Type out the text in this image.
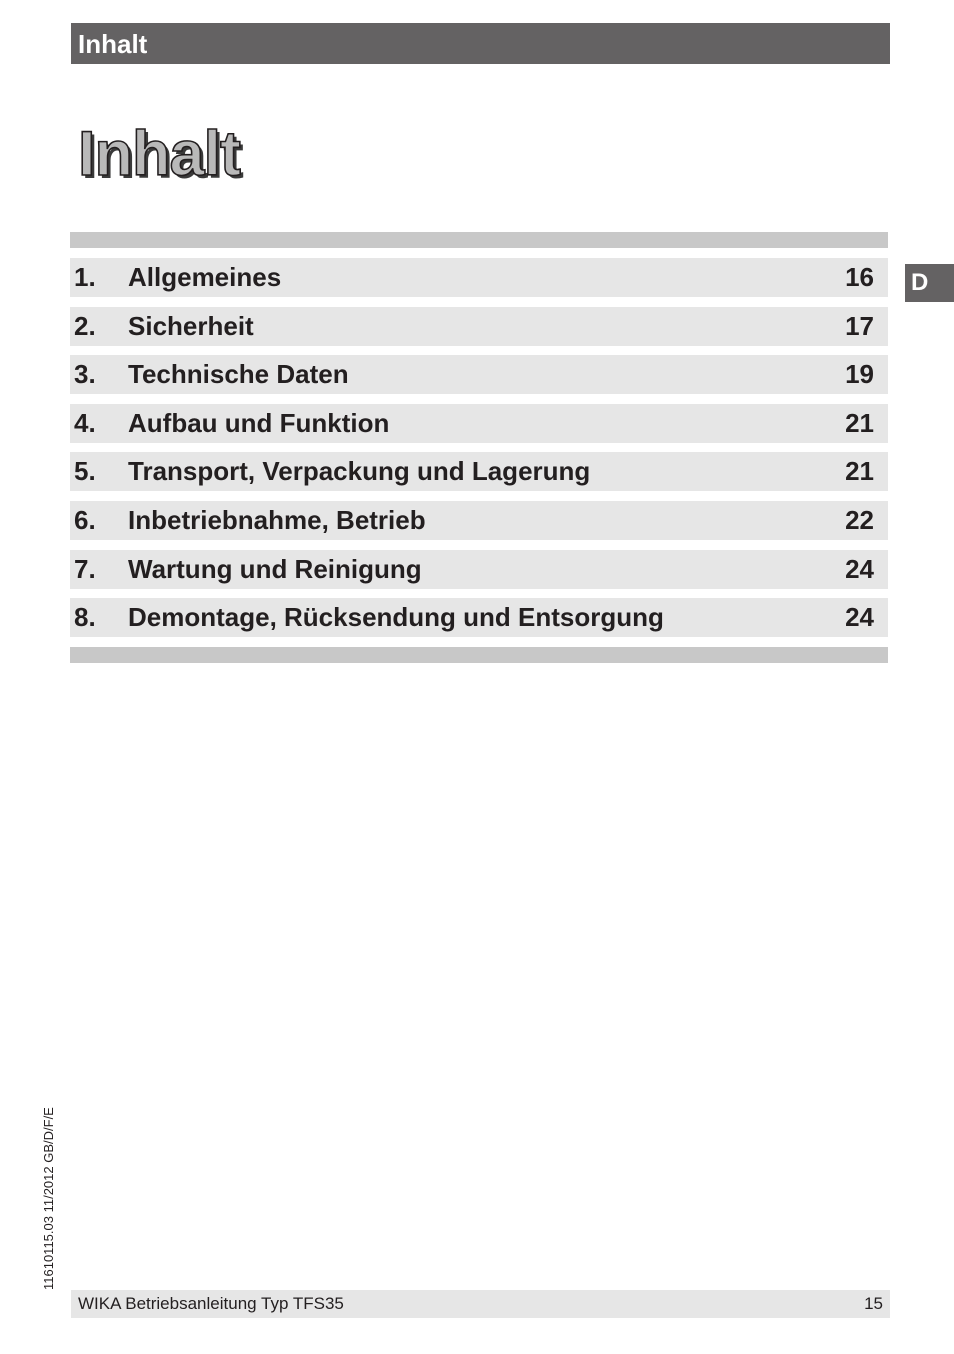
Inhalt
Inhalt
D
1. Allgemeines	16
2. Sicherheit	17
3. Technische Daten	19
4. Aufbau und Funktion	21
5. Transport, Verpackung und Lagerung	21
6. Inbetriebnahme, Betrieb	22
7. Wartung und Reinigung	24
8. Demontage, Rücksendung und Entsorgung	24
11610115.03 11/2012 GB/D/F/E
WIKA Betriebsanleitung Typ TFS35	15
